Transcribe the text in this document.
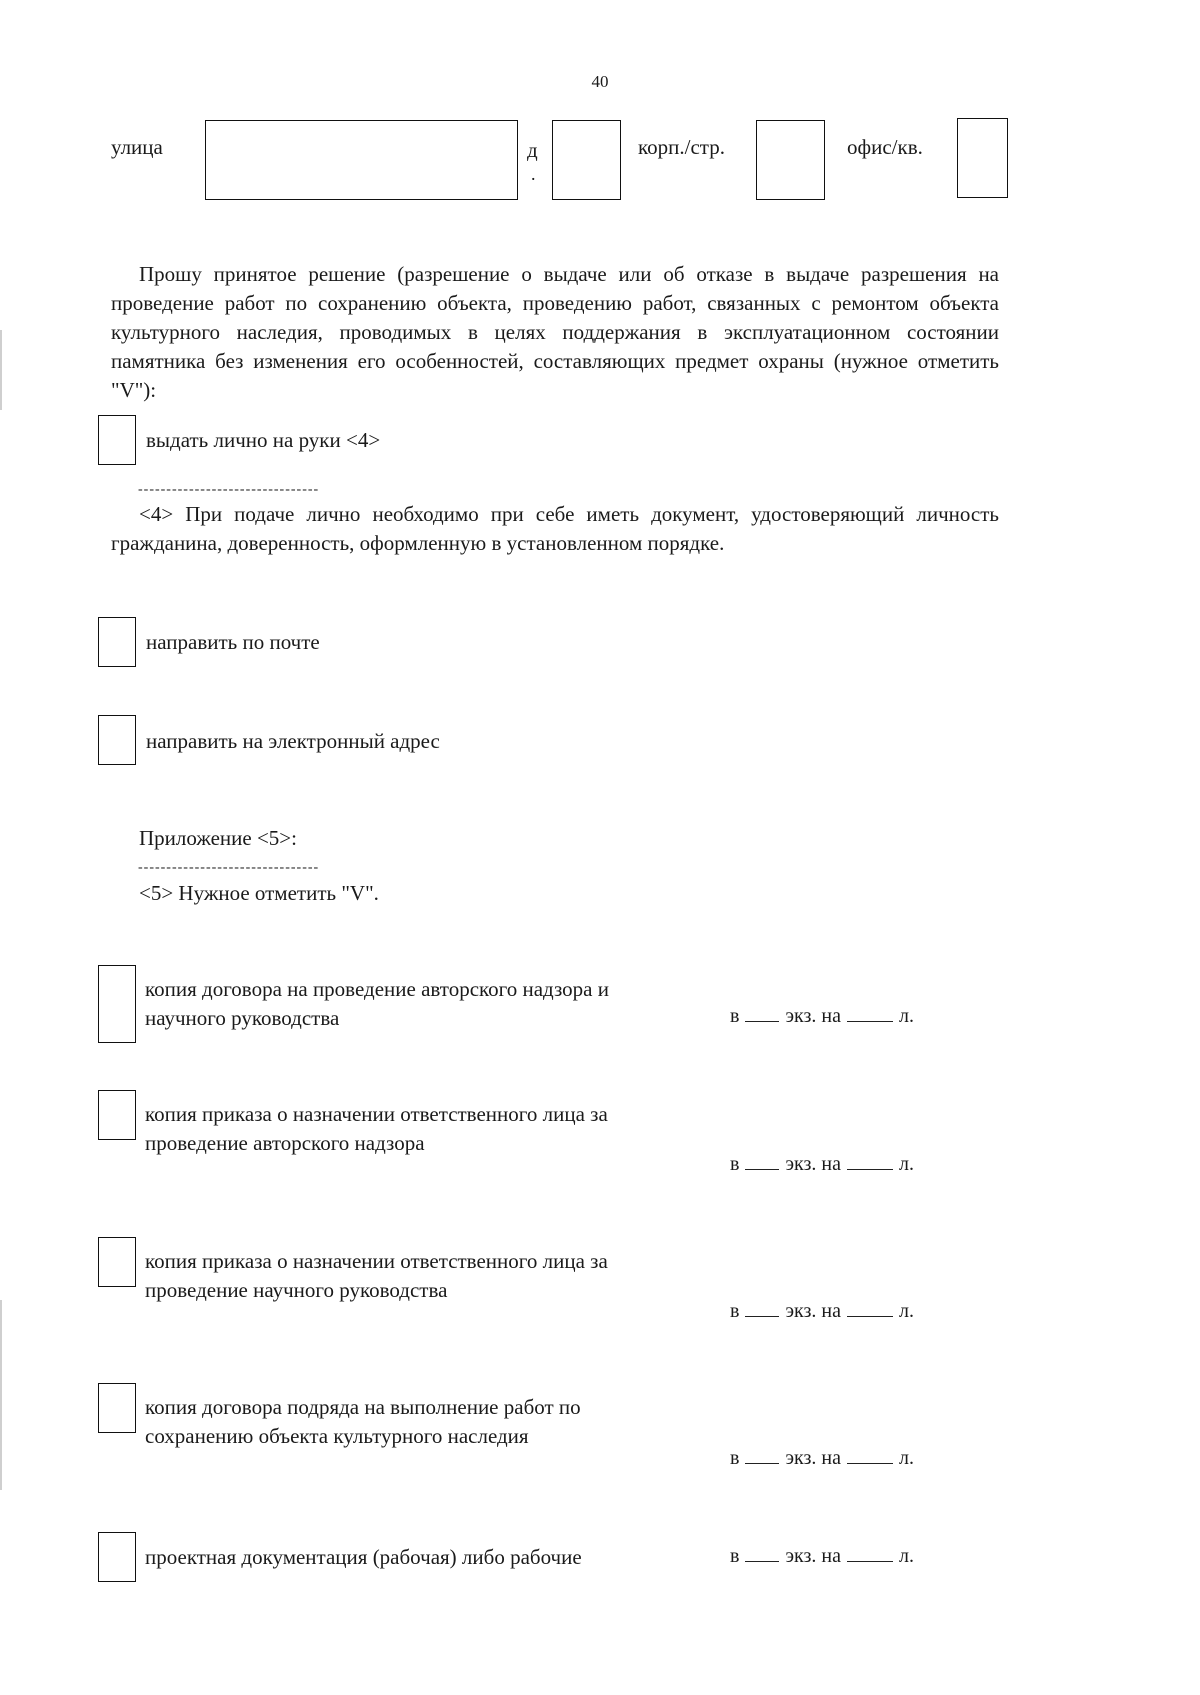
40
улица	д
.
корп./стр.	офис/кв.
Прошу принятое решение (разрешение о выдаче или об отказе в выдаче разрешения на проведение работ по сохранению объекта, проведению работ, связанных с ремонтом объекта культурного наследия, проводимых в целях поддержания в эксплуатационном состоянии памятника без изменения его особенностей, составляющих предмет охраны (нужное отметить "V"):
выдать лично на руки <4>
--------------------------------
<4> При подаче лично необходимо при себе иметь документ, удостоверяющий личность гражданина, доверенность, оформленную в установленном порядке.
направить по почте
направить на электронный адрес
Приложение <5>:
--------------------------------
<5> Нужное отметить "V".
копия договора на проведение авторского надзора и
научного руководства	в экз. на	л.
копия приказа о назначении ответственного лица за
проведение авторского надзора
в экз. на	л.
копия приказа о назначении ответственного лица за
проведение научного руководства
в экз. на	л.
копия договора подряда на выполнение работ по
сохранению объекта культурного наследия
в экз. на	л.
проектная документация (рабочая) либо рабочие	в экз. на	л.
